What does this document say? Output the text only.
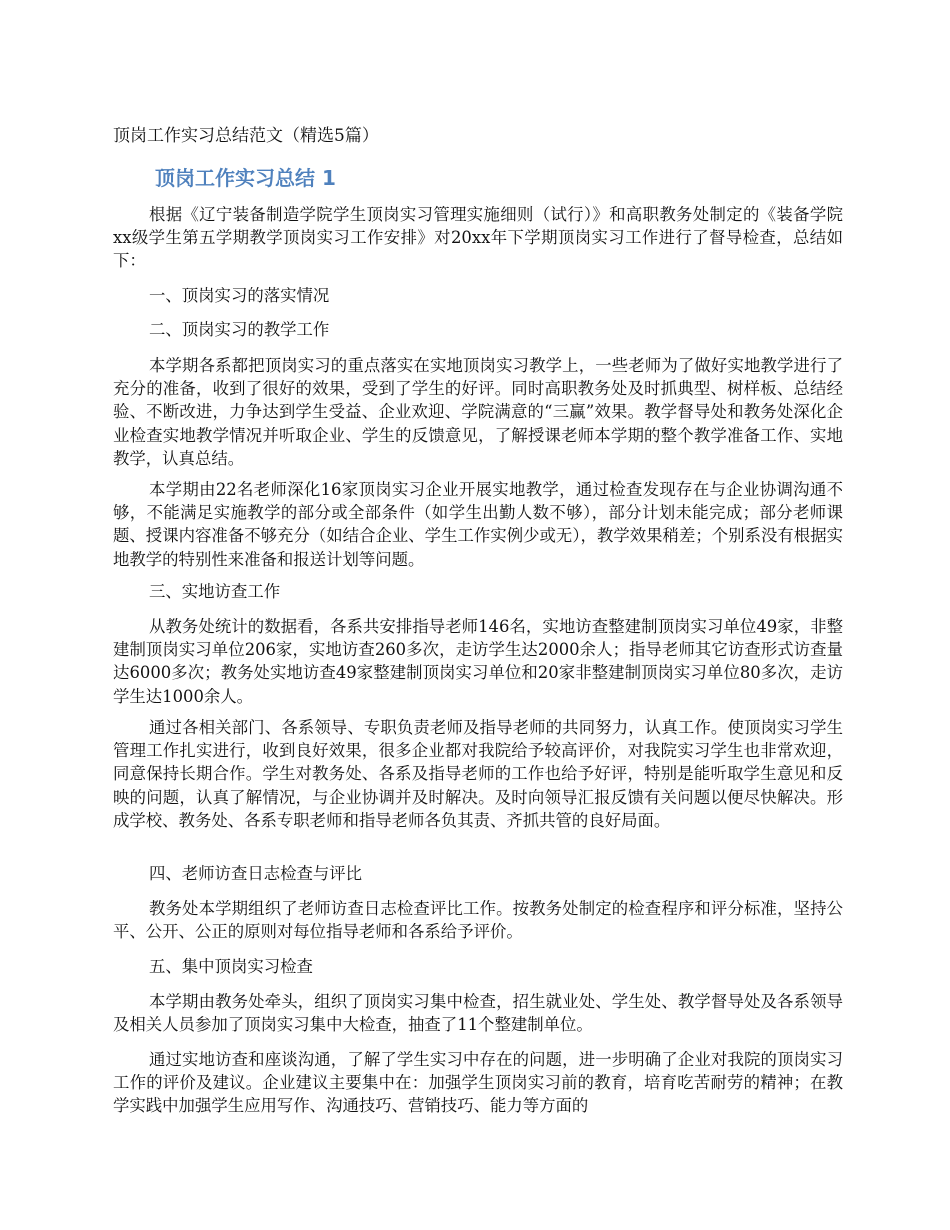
顶岗工作实习总结范文（精选5篇）
顶岗工作实习总结 1

根据《辽宁装备制造学院学生顶岗实习管理实施细则（试行）》和高职教务处制定的《装备学院xx级学生第五学期教学顶岗实习工作安排》对20xx年下学期顶岗实习工作进行了督导检查，总结如下：

一、顶岗实习的落实情况

二、顶岗实习的教学工作

本学期各系都把顶岗实习的重点落实在实地顶岗实习教学上，一些老师为了做好实地教学进行了充分的准备，收到了很好的效果，受到了学生的好评。同时高职教务处及时抓典型、树样板、总结经验、不断改进，力争达到学生受益、企业欢迎、学院满意的“三赢”效果。教学督导处和教务处深化企业检查实地教学情况并听取企业、学生的反馈意见，了解授课老师本学期的整个教学准备工作、实地教学，认真总结。

本学期由22名老师深化16家顶岗实习企业开展实地教学，通过检查发现存在与企业协调沟通不够，不能满足实施教学的部分或全部条件（如学生出勤人数不够），部分计划未能完成；部分老师课题、授课内容准备不够充分（如结合企业、学生工作实例少或无），教学效果稍差；个别系没有根据实地教学的特别性来准备和报送计划等问题。

三、实地访查工作

从教务处统计的数据看，各系共安排指导老师146名，实地访查整建制顶岗实习单位49家，非整建制顶岗实习单位206家，实地访查260多次，走访学生达2000余人；指导老师其它访查形式访查量达6000多次；教务处实地访查49家整建制顶岗实习单位和20家非整建制顶岗实习单位80多次，走访学生达1000余人。

通过各相关部门、各系领导、专职负责老师及指导老师的共同努力，认真工作。使顶岗实习学生管理工作扎实进行，收到良好效果，很多企业都对我院给予较高评价，对我院实习学生也非常欢迎，同意保持长期合作。学生对教务处、各系及指导老师的工作也给予好评，特别是能听取学生意见和反映的问题，认真了解情况，与企业协调并及时解决。及时向领导汇报反馈有关问题以便尽快解决。形成学校、教务处、各系专职老师和指导老师各负其责、齐抓共管的良好局面。

四、老师访查日志检查与评比

教务处本学期组织了老师访查日志检查评比工作。按教务处制定的检查程序和评分标准，坚持公平、公开、公正的原则对每位指导老师和各系给予评价。

五、集中顶岗实习检查

本学期由教务处牵头，组织了顶岗实习集中检查，招生就业处、学生处、教学督导处及各系领导及相关人员参加了顶岗实习集中大检查，抽查了11个整建制单位。

通过实地访查和座谈沟通，了解了学生实习中存在的问题，进一步明确了企业对我院的顶岗实习工作的评价及建议。企业建议主要集中在：加强学生顶岗实习前的教育，培育吃苦耐劳的精神；在教学实践中加强学生应用写作、沟通技巧、营销技巧、能力等方面的
